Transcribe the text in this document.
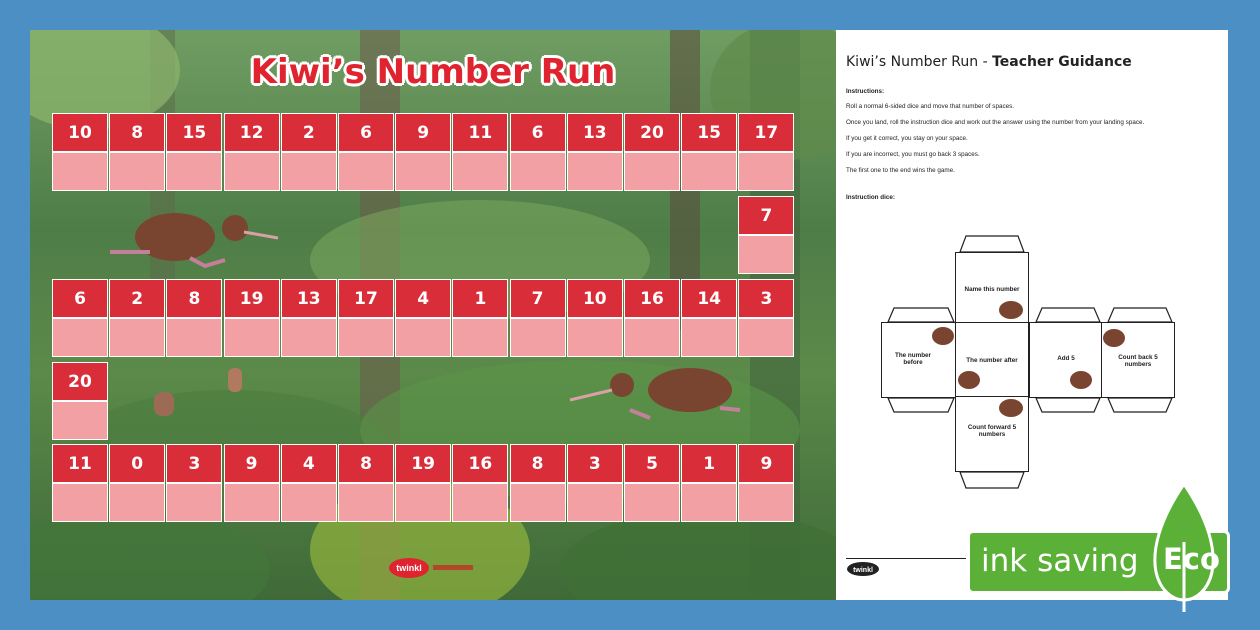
Kiwi’s Number Run
10	8	15	12	2	6	9	11	6	13	20	15	17
7
6	2	8	19	13	17	4	1	7	10	16	14	3
20
11	0	3	9	4	8	19	16	8	3	5	1	9
twinkl
Kiwi’s Number Run - Teacher Guidance
Instructions:
Roll a normal 6-sided dice and move that number of spaces.
Once you land, roll the instruction dice and work out the answer using the number from your landing space.
If you get it correct, you stay on your space.
If you are incorrect, you must go back 3 spaces.
The first one to the end wins the game.
Instruction dice:
Name this number
The number before	The number after	Add 5	Count back 5 numbers
Count forward 5 numbers
twinkl	ink saving Eco
